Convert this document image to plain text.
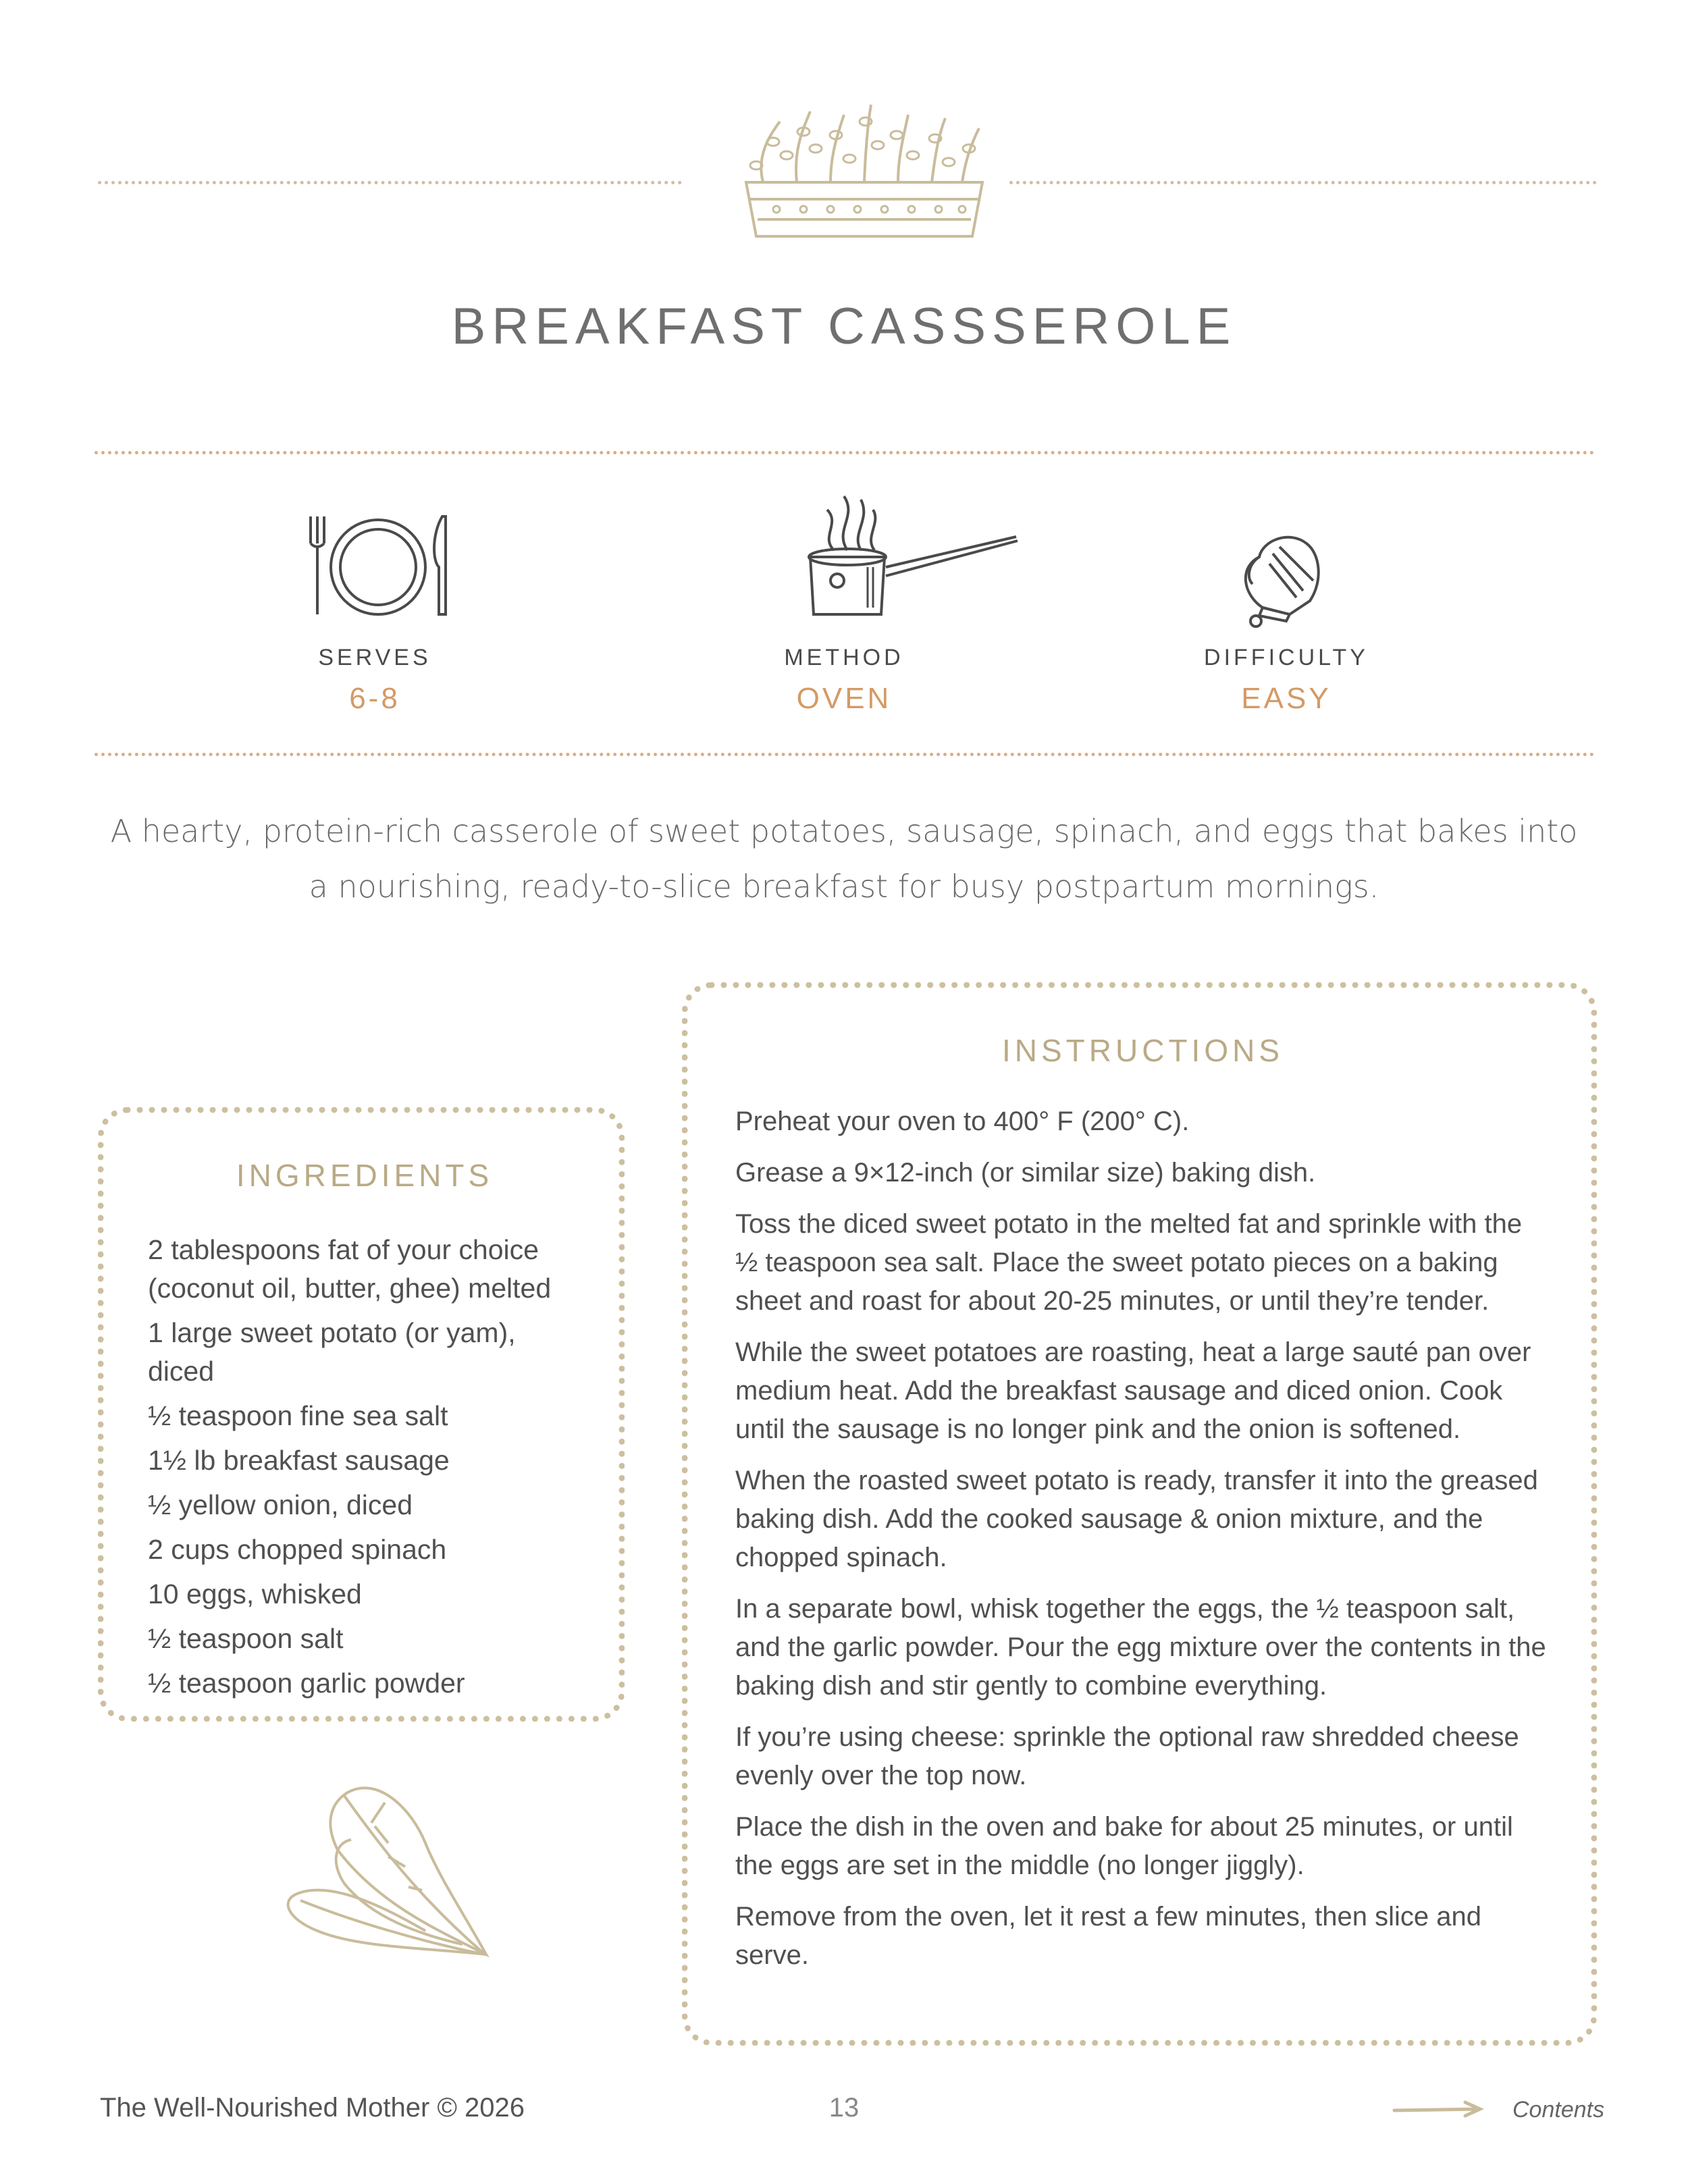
BREAKFAST CASSSEROLE
SERVES
6-8
METHOD
OVEN
DIFFICULTY
EASY
A hearty, protein-rich casserole of sweet potatoes, sausage, spinach, and eggs that bakes into a nourishing, ready-to-slice breakfast for busy postpartum mornings.
INGREDIENTS
2 tablespoons fat of your choice (coconut oil, butter, ghee) melted
1 large sweet potato (or yam), diced
½ teaspoon fine sea salt
1½ lb breakfast sausage
½ yellow onion, diced
2 cups chopped spinach
10 eggs, whisked
½ teaspoon salt
½ teaspoon garlic powder
INSTRUCTIONS
Preheat your oven to 400° F (200° C).
Grease a 9×12-inch (or similar size) baking dish.
Toss the diced sweet potato in the melted fat and sprinkle with the ½ teaspoon sea salt. Place the sweet potato pieces on a baking sheet and roast for about 20-25 minutes, or until they’re tender.
While the sweet potatoes are roasting, heat a large sauté pan over medium heat. Add the breakfast sausage and diced onion. Cook until the sausage is no longer pink and the onion is softened.
When the roasted sweet potato is ready, transfer it into the greased baking dish. Add the cooked sausage & onion mixture, and the chopped spinach.
In a separate bowl, whisk together the eggs, the ½ teaspoon salt, and the garlic powder. Pour the egg mixture over the contents in the baking dish and stir gently to combine everything.
If you’re using cheese: sprinkle the optional raw shredded cheese evenly over the top now.
Place the dish in the oven and bake for about 25 minutes, or until the eggs are set in the middle (no longer jiggly).
Remove from the oven, let it rest a few minutes, then slice and serve.
The Well-Nourished Mother © 2026	13	Contents
